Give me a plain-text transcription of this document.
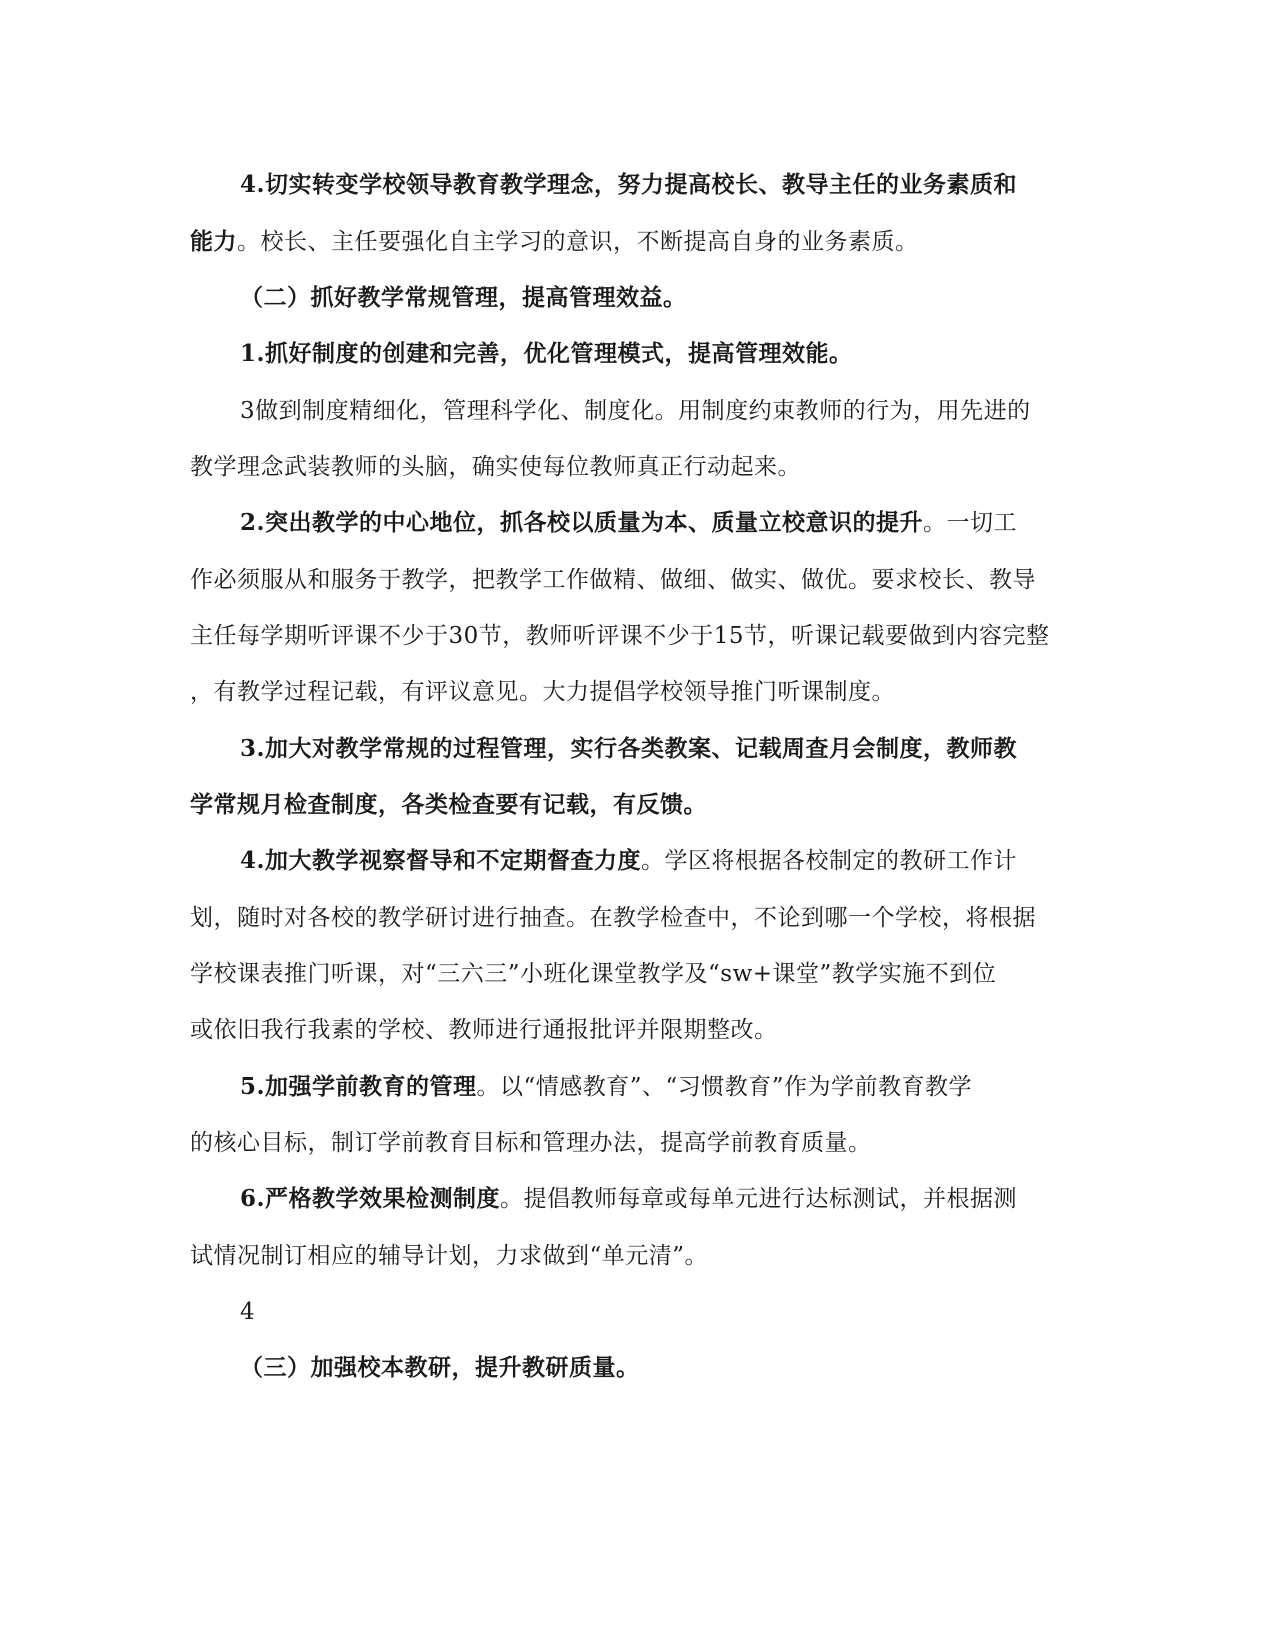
4.切实转变学校领导教育教学理念，努力提高校长、教导主任的业务素质和
能力。校长、主任要强化自主学习的意识，不断提高自身的业务素质。
（二）抓好教学常规管理，提高管理效益。
1.抓好制度的创建和完善，优化管理模式，提高管理效能。
3做到制度精细化，管理科学化、制度化。用制度约束教师的行为，用先进的
教学理念武装教师的头脑，确实使每位教师真正行动起来。
2.突出教学的中心地位，抓各校以质量为本、质量立校意识的提升。一切工
作必须服从和服务于教学，把教学工作做精、做细、做实、做优。要求校长、教导
主任每学期听评课不少于30节，教师听评课不少于15节，听课记载要做到内容完整
，有教学过程记载，有评议意见。大力提倡学校领导推门听课制度。
3.加大对教学常规的过程管理，实行各类教案、记载周查月会制度，教师教
学常规月检查制度，各类检查要有记载，有反馈。
4.加大教学视察督导和不定期督查力度。学区将根据各校制定的教研工作计
划，随时对各校的教学研讨进行抽查。在教学检查中，不论到哪一个学校，将根据
学校课表推门听课，对“三六三”小班化课堂教学及“sw+课堂”教学实施不到位
或依旧我行我素的学校、教师进行通报批评并限期整改。
5.加强学前教育的管理。以“情感教育”、“习惯教育”作为学前教育教学
的核心目标，制订学前教育目标和管理办法，提高学前教育质量。
6.严格教学效果检测制度。提倡教师每章或每单元进行达标测试，并根据测
试情况制订相应的辅导计划，力求做到“单元清”。
4
（三）加强校本教研，提升教研质量。
